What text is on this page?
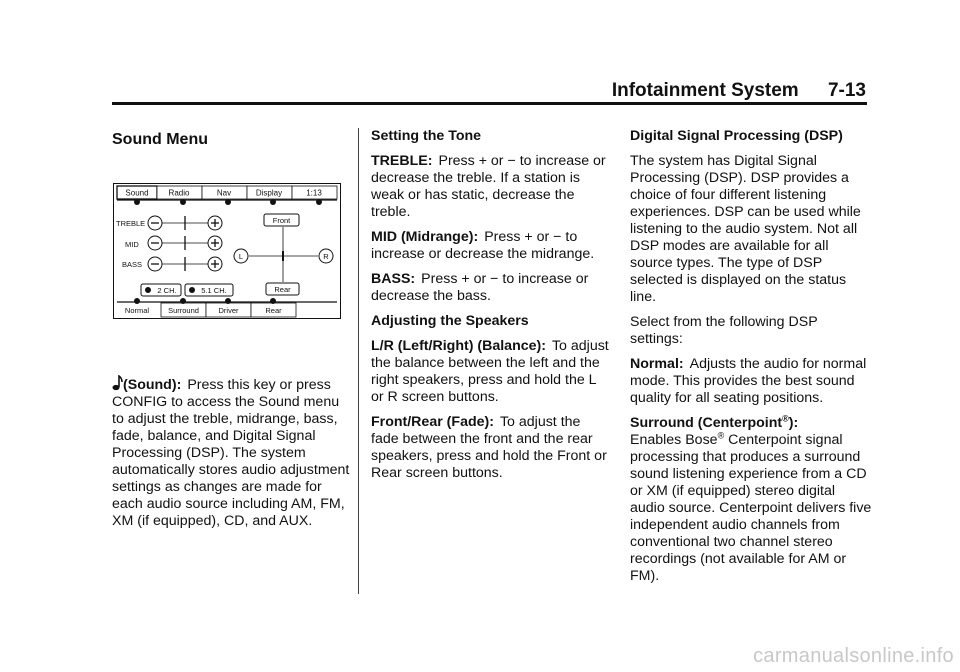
Infotainment System 7-13
Sound Menu
Sound Radio	Nav	Display	1:13
TREBLE
MID
BASS
Front
L	R
Rear
2 CH.	5.1 CH.
Normal	Surround	Driver	Rear

(Sound): Press this key or press CONFIG to access the Sound menu to adjust the treble, midrange, bass, fade, balance, and Digital Signal Processing (DSP). The system automatically stores audio adjustment settings as changes are made for each audio source including AM, FM, XM (if equipped), CD, and AUX.

Setting the Tone

TREBLE: Press + or − to increase or decrease the treble. If a station is weak or has static, decrease the treble.

MID (Midrange): Press + or − to increase or decrease the midrange.

BASS: Press + or − to increase or decrease the bass.

Adjusting the Speakers

L/R (Left/Right) (Balance): To adjust the balance between the left and the right speakers, press and hold the L or R screen buttons.

Front/Rear (Fade): To adjust the fade between the front and the rear speakers, press and hold the Front or Rear screen buttons.

Digital Signal Processing (DSP)

The system has Digital Signal Processing (DSP). DSP provides a choice of four different listening experiences. DSP can be used while listening to the audio system. Not all DSP modes are available for all source types. The type of DSP selected is displayed on the status line.

Select from the following DSP settings:

Normal: Adjusts the audio for normal mode. This provides the best sound quality for all seating positions.

Surround (Centerpoint®):
Enables Bose® Centerpoint signal processing that produces a surround sound listening experience from a CD or XM (if equipped) stereo digital audio source. Centerpoint delivers five independent audio channels from conventional two channel stereo recordings (not available for AM or FM).

carmanualsonline.info
